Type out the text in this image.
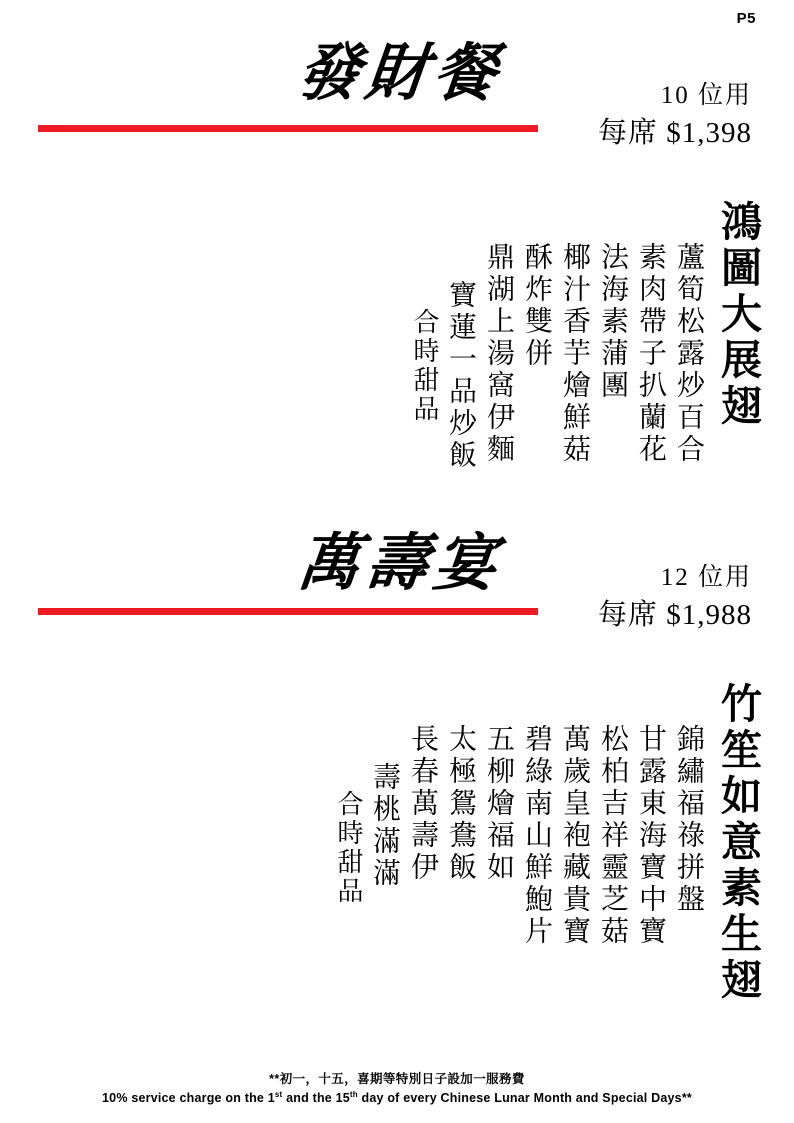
P5
發財餐	10 位用
每席 $1,398
合時甜品 寶蓮一品炒飯 鼎湖上湯窩伊麵 酥炸雙併 椰汁香芋燴鮮菇 法海素蒲團 素肉帶子扒蘭花 蘆筍松露炒百合 鴻圖大展翅
萬壽宴	12 位用
每席 $1,988
合時甜品 壽桃滿滿 長春萬壽伊 太極鴛鴦飯 五柳燴福如 碧綠南山鮮鮑片 萬歲皇袍藏貴寶 松柏吉祥靈芝菇 甘露東海寶中寶 錦繡福祿拼盤 竹笙如意素生翅
**初一，十五，喜期等特別日子設加一服務費
10% service charge on the 1st and the 15th day of every Chinese Lunar Month and Special Days**
